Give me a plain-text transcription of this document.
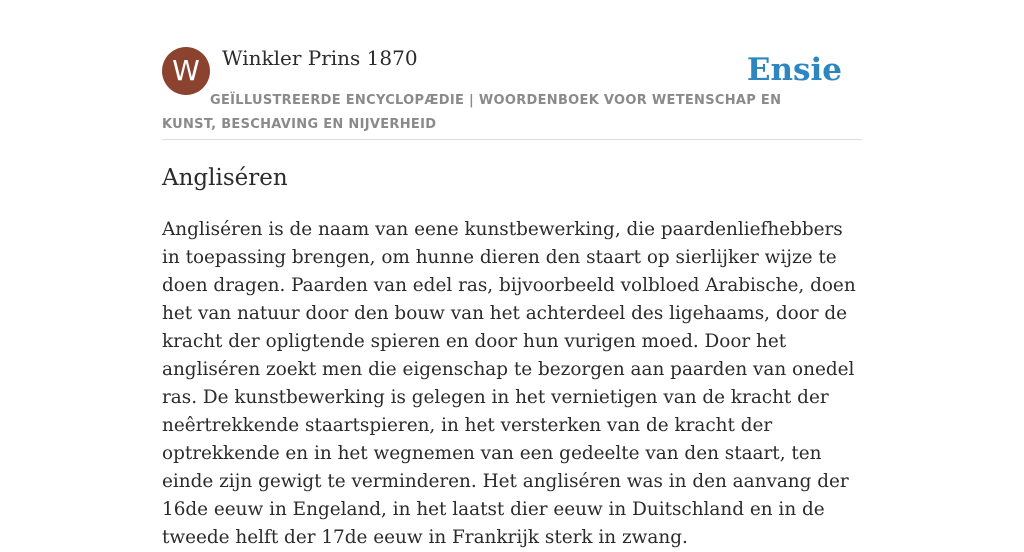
W	Winkler Prins 1870	Ensie
GEÏLLUSTREERDE ENCYCLOPÆDIE | WOORDENBOEK VOOR WETENSCHAP EN KUNST, BESCHAVING EN NIJVERHEID
Angliséren

Angliséren is de naam van eene kunstbewerking, die paardenliefhebbers in toepassing brengen, om hunne dieren den staart op sierlijker wijze te doen dragen. Paarden van edel ras, bijvoorbeeld volbloed Arabische, doen het van natuur door den bouw van het achterdeel des ligehaams, door de kracht der opligtende spieren en door hun vurigen moed. Door het angliséren zoekt men die eigenschap te bezorgen aan paarden van onedel ras. De kunstbewerking is gelegen in het vernietigen van de kracht der neêrtrekkende staartspieren, in het versterken van de kracht der optrekkende en in het wegnemen van een gedeelte van den staart, ten einde zijn gewigt te verminderen. Het angliséren was in den aanvang der 16de eeuw in Engeland, in het laatst dier eeuw in Duitschland en in de tweede helft der 17de eeuw in Frankrijk sterk in zwang.
